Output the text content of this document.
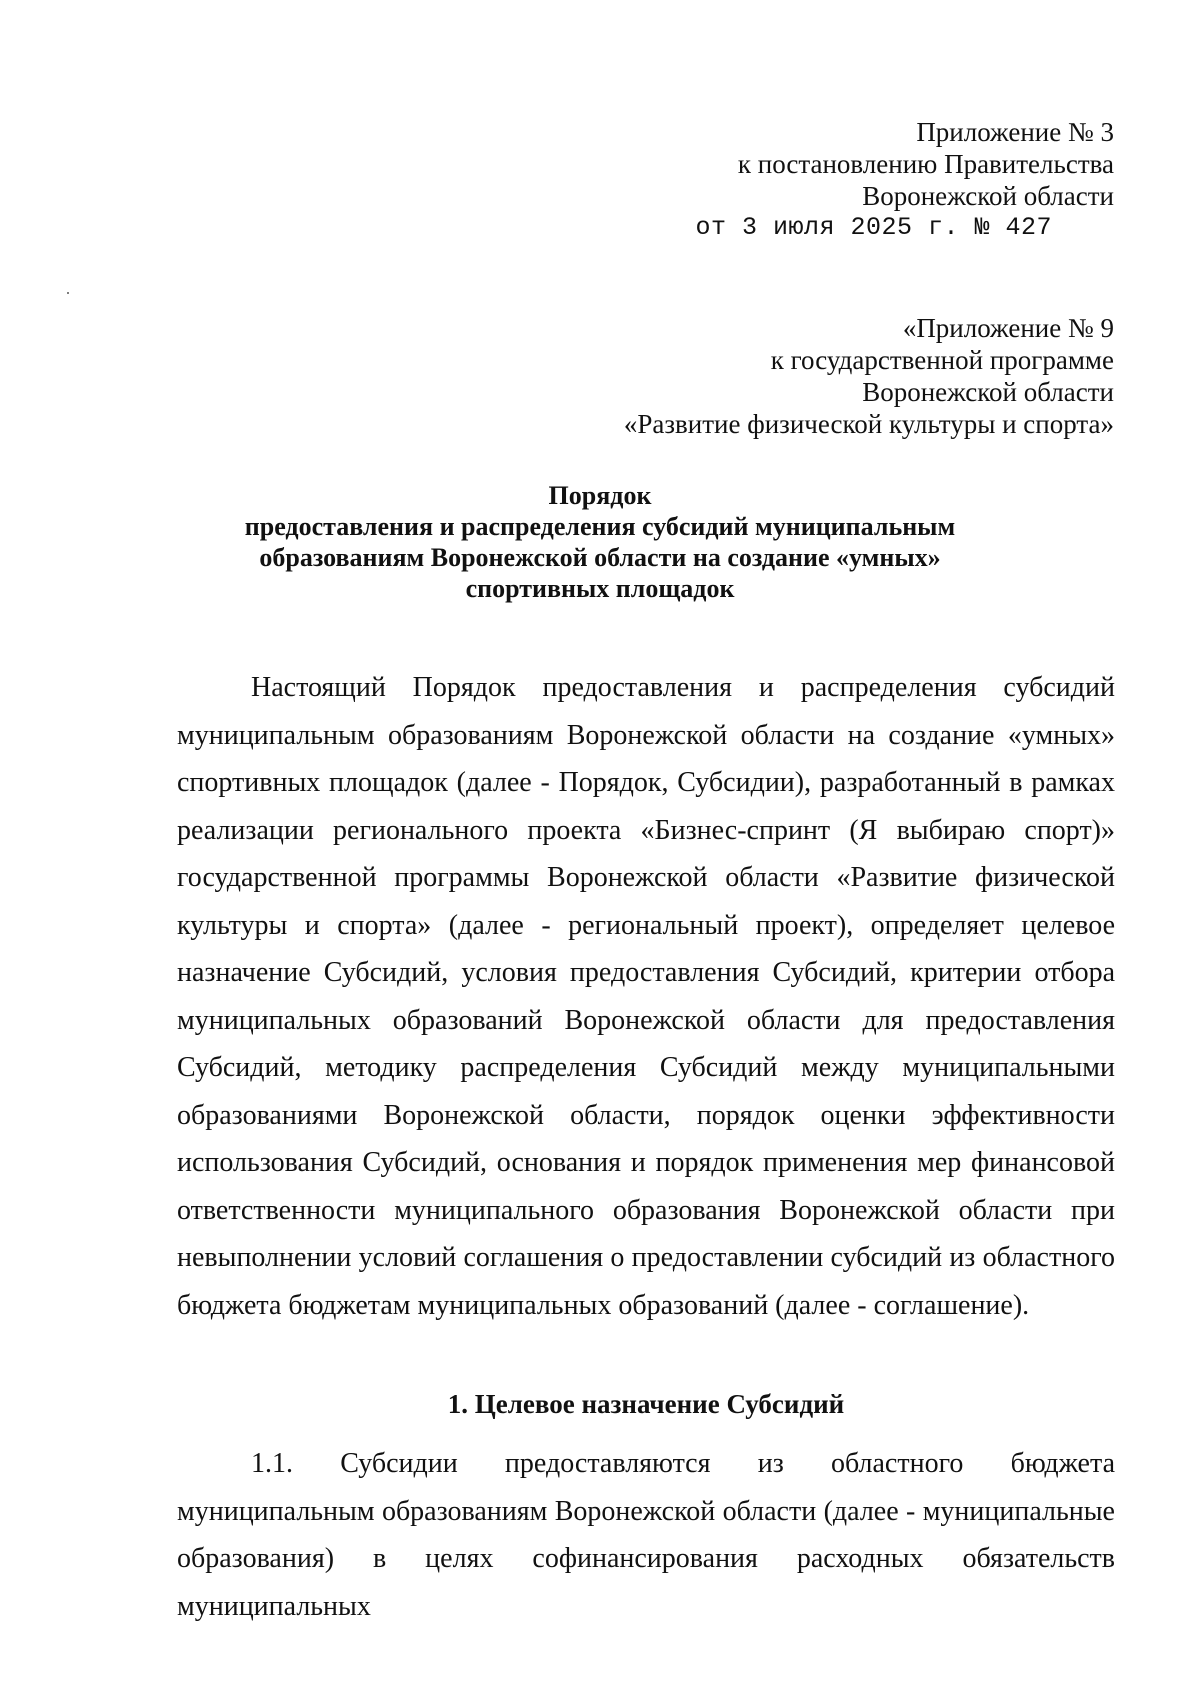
Приложение № 3
к постановлению Правительства
Воронежской области
от 3 июля 2025 г. № 427
«Приложение № 9
к государственной программе
Воронежской области
«Развитие физической культуры и спорта»
Порядок
предоставления и распределения субсидий муниципальным
образованиям Воронежской области на создание «умных»
спортивных площадок
Настоящий Порядок предоставления и распределения субсидий муниципальным образованиям Воронежской области на создание «умных» спортивных площадок (далее - Порядок, Субсидии), разработанный в рамках реализации регионального проекта «Бизнес-спринт (Я выбираю спорт)» государственной программы Воронежской области «Развитие физической культуры и спорта» (далее - региональный проект), определяет целевое назначение Субсидий, условия предоставления Субсидий, критерии отбора муниципальных образований Воронежской области для предоставления Субсидий, методику распределения Субсидий между муниципальными образованиями Воронежской области, порядок оценки эффективности использования Субсидий, основания и порядок применения мер финансовой ответственности муниципального образования Воронежской области при невыполнении условий соглашения о предоставлении субсидий из областного бюджета бюджетам муниципальных образований (далее - соглашение).
1. Целевое назначение Субсидий
1.1. Субсидии предоставляются из областного бюджета муниципальным образованиям Воронежской области (далее - муниципальные образования) в целях софинансирования расходных обязательств муниципальных
